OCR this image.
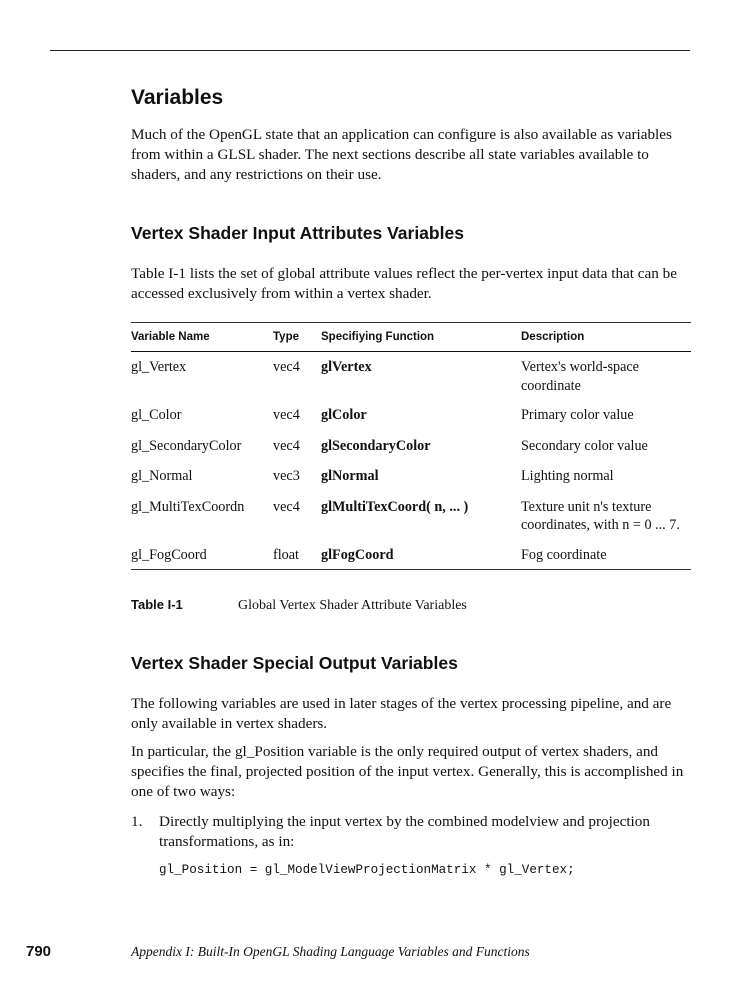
Variables

Much of the OpenGL state that an application can configure is also available as variables from within a GLSL shader. The next sections describe all state variables available to shaders, and any restrictions on their use.

Vertex Shader Input Attributes Variables

Table I-1 lists the set of global attribute values reflect the per-vertex input data that can be accessed exclusively from within a vertex shader.

Variable Name	Type	Specifiying Function	Description
gl_Vertex	vec4	glVertex	Vertex's world-space coordinate
gl_Color	vec4	glColor	Primary color value
gl_SecondaryColor	vec4	glSecondaryColor	Secondary color value
gl_Normal	vec3	glNormal	Lighting normal
gl_MultiTexCoordn	vec4	glMultiTexCoord( n, ... )	Texture unit n's texture coordinates, with n = 0 ... 7.
gl_FogCoord	float	glFogCoord	Fog coordinate
Table I-1	Global Vertex Shader Attribute Variables
Vertex Shader Special Output Variables

The following variables are used in later stages of the vertex processing pipeline, and are only available in vertex shaders.

In particular, the gl_Position variable is the only required output of vertex shaders, and specifies the final, projected position of the input vertex. Generally, this is accomplished in one of two ways:

1. Directly multiplying the input vertex by the combined modelview and projection transformations, as in:
gl_Position = gl_ModelViewProjectionMatrix * gl_Vertex;
790	Appendix I: Built-In OpenGL Shading Language Variables and Functions
